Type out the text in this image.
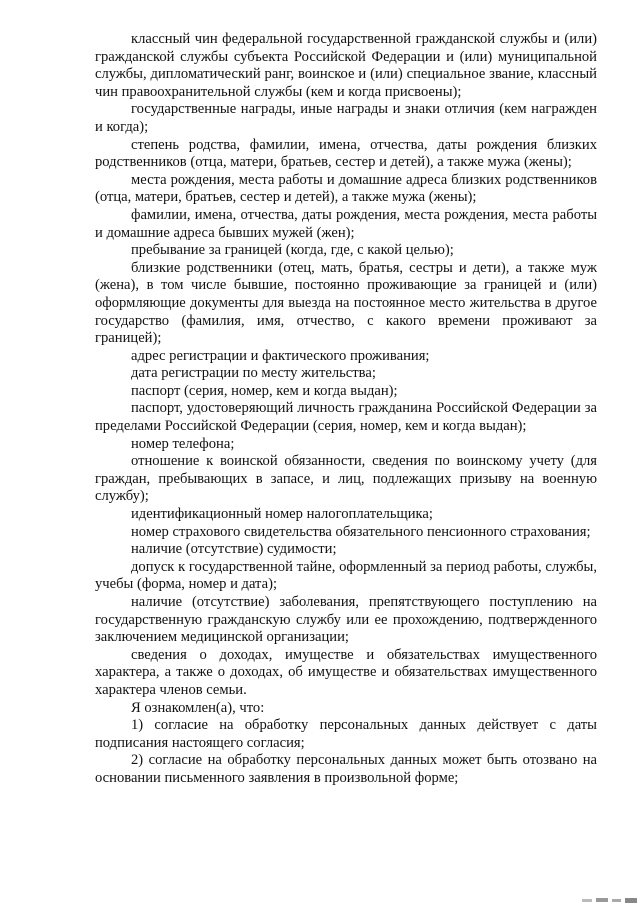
классный чин федеральной государственной гражданской службы и (или) гражданской службы субъекта Российской Федерации и (или) муниципальной службы, дипломатический ранг, воинское и (или) специальное звание, классный чин правоохранительной службы (кем и когда присвоены);

государственные награды, иные награды и знаки отличия (кем награжден и когда);

степень родства, фамилии, имена, отчества, даты рождения близких родственников (отца, матери, братьев, сестер и детей), а также мужа (жены);

места рождения, места работы и домашние адреса близких родственников (отца, матери, братьев, сестер и детей), а также мужа (жены);

фамилии, имена, отчества, даты рождения, места рождения, места работы и домашние адреса бывших мужей (жен);

пребывание за границей (когда, где, с какой целью);

близкие родственники (отец, мать, братья, сестры и дети), а также муж (жена), в том числе бывшие, постоянно проживающие за границей и (или) оформляющие документы для выезда на постоянное место жительства в другое государство (фамилия, имя, отчество, с какого времени проживают за границей);

адрес регистрации и фактического проживания;

дата регистрации по месту жительства;

паспорт (серия, номер, кем и когда выдан);

паспорт, удостоверяющий личность гражданина Российской Федерации за пределами Российской Федерации (серия, номер, кем и когда выдан);

номер телефона;

отношение к воинской обязанности, сведения по воинскому учету (для граждан, пребывающих в запасе, и лиц, подлежащих призыву на военную службу);

идентификационный номер налогоплательщика;

номер страхового свидетельства обязательного пенсионного страхования;

наличие (отсутствие) судимости;

допуск к государственной тайне, оформленный за период работы, службы, учебы (форма, номер и дата);

наличие (отсутствие) заболевания, препятствующего поступлению на государственную гражданскую службу или ее прохождению, подтвержденного заключением медицинской организации;

сведения о доходах, имуществе и обязательствах имущественного характера, а также о доходах, об имуществе и обязательствах имущественного характера членов семьи.

Я ознакомлен(а), что:

1) согласие на обработку персональных данных действует с даты подписания настоящего согласия;

2) согласие на обработку персональных данных может быть отозвано на основании письменного заявления в произвольной форме;
